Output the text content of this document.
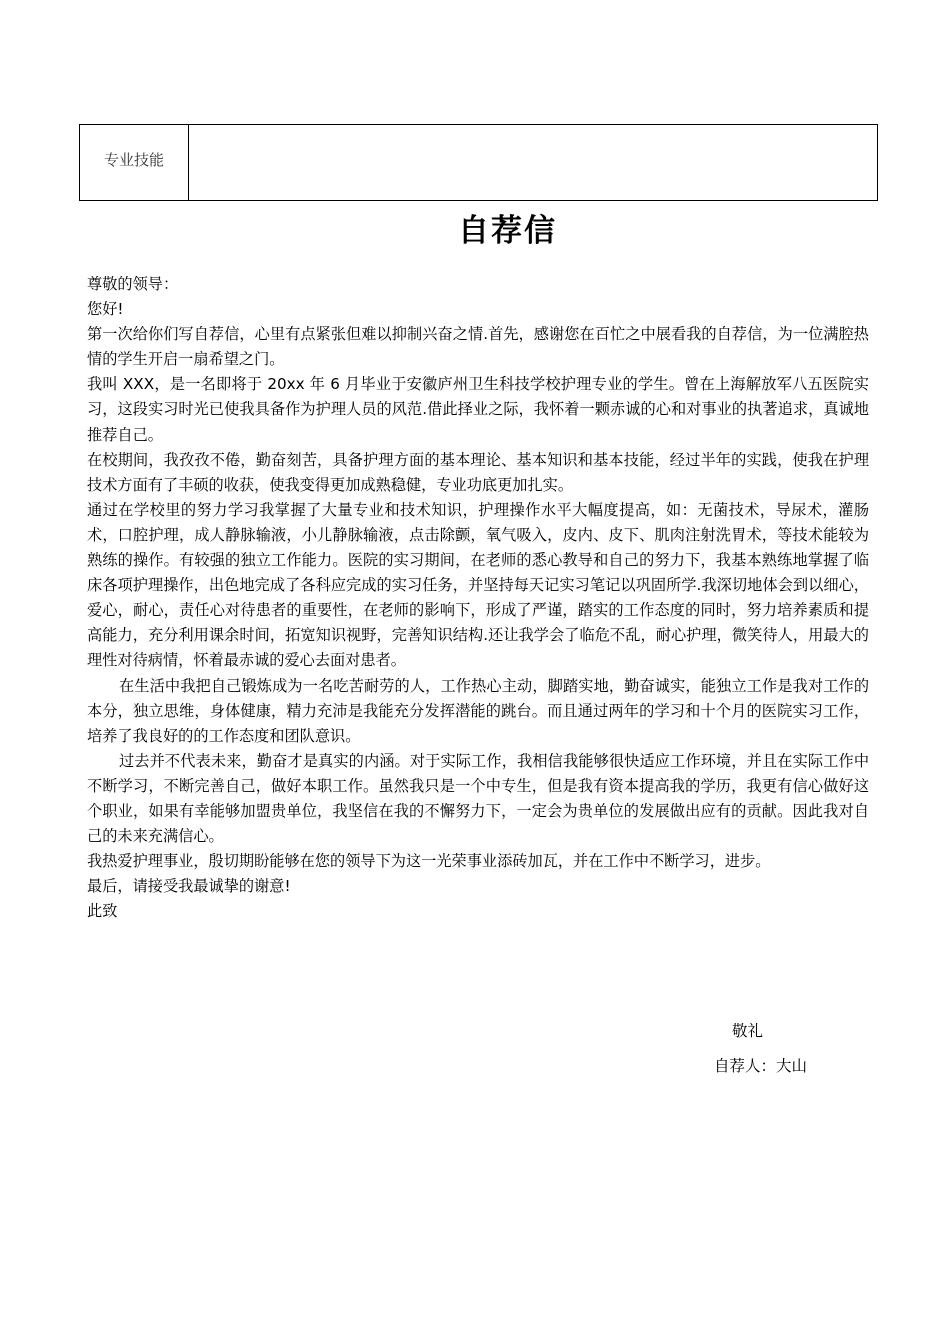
专业技能
自荐信

尊敬的领导：

您好!

第一次给你们写自荐信，心里有点紧张但难以抑制兴奋之情.首先，感谢您在百忙之中展看我的自荐信，为一位满腔热情的学生开启一扇希望之门。

我叫 XXX，是一名即将于 20xx 年 6 月毕业于安徽庐州卫生科技学校护理专业的学生。曾在上海解放军八五医院实习，这段实习时光已使我具备作为护理人员的风范.借此择业之际，我怀着一颗赤诚的心和对事业的执著追求，真诚地推荐自己。

在校期间，我孜孜不倦，勤奋刻苦，具备护理方面的基本理论、基本知识和基本技能，经过半年的实践，使我在护理技术方面有了丰硕的收获，使我变得更加成熟稳健，专业功底更加扎实。

通过在学校里的努力学习我掌握了大量专业和技术知识，护理操作水平大幅度提高，如：无菌技术，导尿术，灌肠术，口腔护理，成人静脉输液，小儿静脉输液，点击除颤，氧气吸入，皮内、皮下、肌肉注射洗胃术，等技术能较为熟练的操作。有较强的独立工作能力。医院的实习期间，在老师的悉心教导和自己的努力下，我基本熟练地掌握了临床各项护理操作，出色地完成了各科应完成的实习任务，并坚持每天记实习笔记以巩固所学.我深切地体会到以细心，爱心，耐心，责任心对待患者的重要性，在老师的影响下，形成了严谨，踏实的工作态度的同时，努力培养素质和提高能力，充分利用课余时间，拓宽知识视野，完善知识结构.还让我学会了临危不乱，耐心护理，微笑待人，用最大的理性对待病情，怀着最赤诚的爱心去面对患者。

在生活中我把自己锻炼成为一名吃苦耐劳的人，工作热心主动，脚踏实地，勤奋诚实，能独立工作是我对工作的本分，独立思维，身体健康，精力充沛是我能充分发挥潜能的跳台。而且通过两年的学习和十个月的医院实习工作，培养了我良好的的工作态度和团队意识。

过去并不代表未来，勤奋才是真实的内涵。对于实际工作，我相信我能够很快适应工作环境，并且在实际工作中不断学习，不断完善自己，做好本职工作。虽然我只是一个中专生，但是我有资本提高我的学历，我更有信心做好这个职业，如果有幸能够加盟贵单位，我坚信在我的不懈努力下，一定会为贵单位的发展做出应有的贡献。因此我对自己的未来充满信心。

我热爱护理事业，殷切期盼能够在您的领导下为这一光荣事业添砖加瓦，并在工作中不断学习，进步。

最后，请接受我最诚挚的谢意!

此致

敬礼
自荐人：大山
